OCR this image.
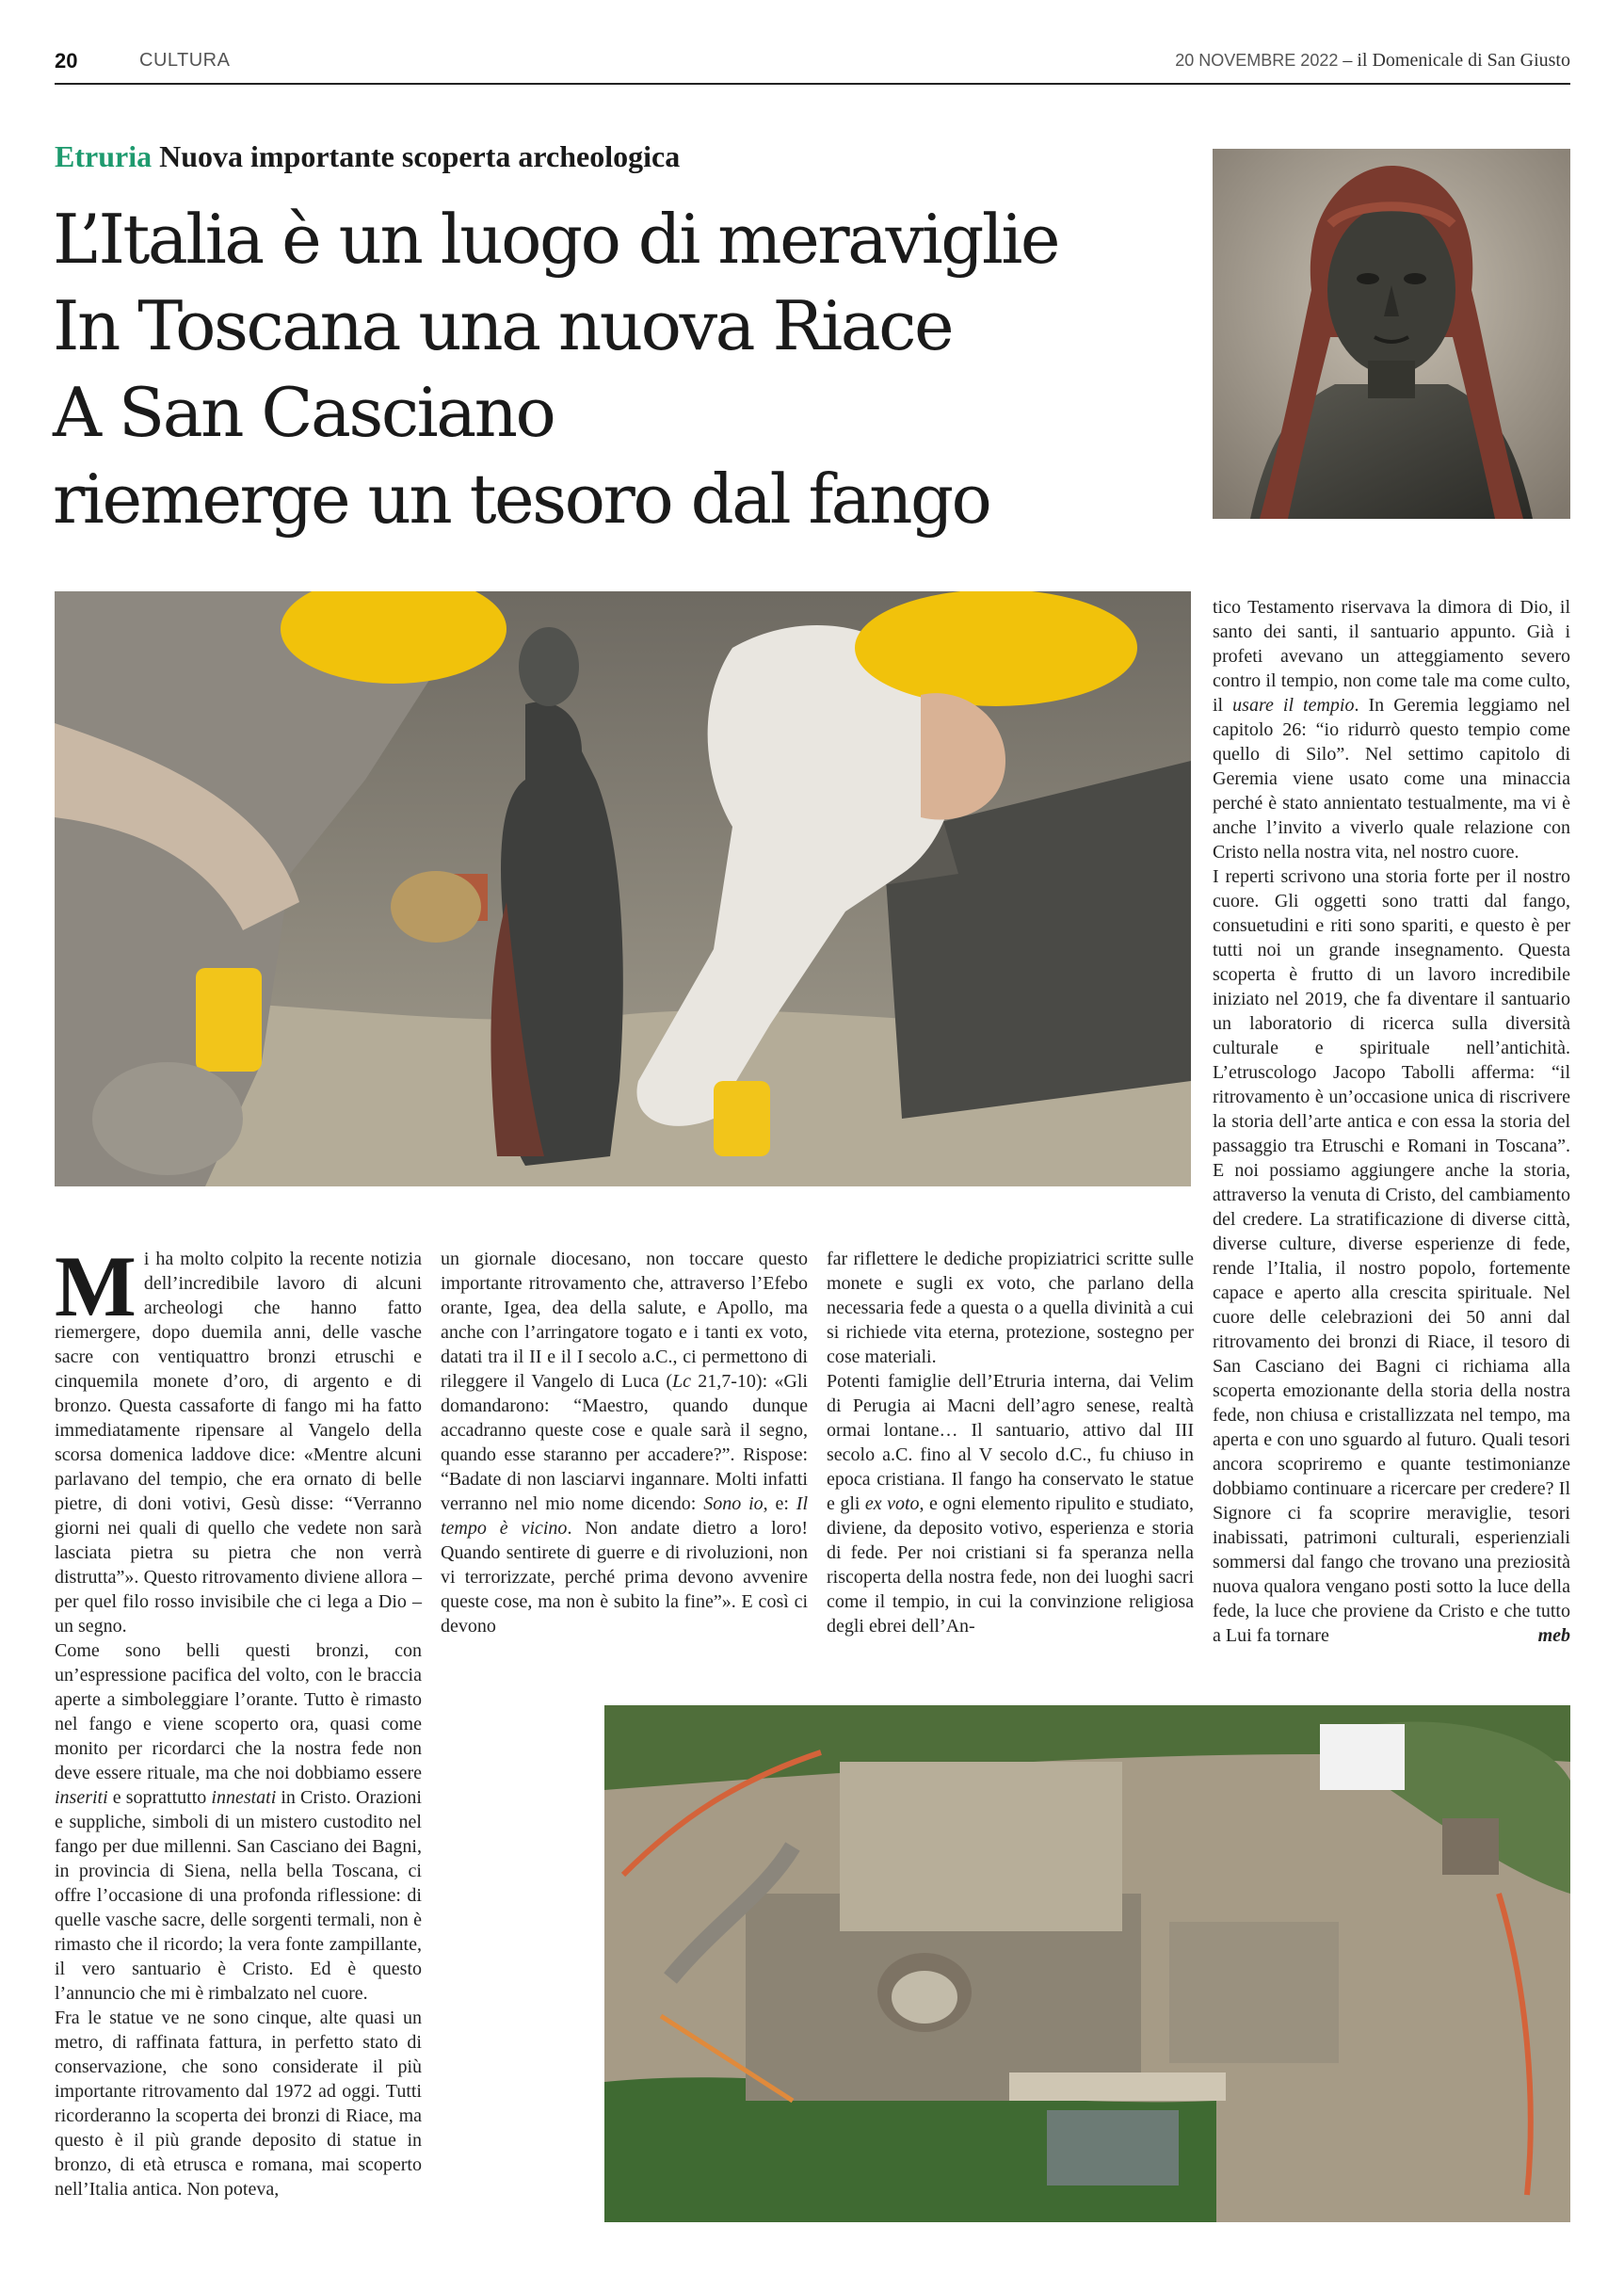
20	CULTURA	20 NOVEMBRE 2022 – il Domenicale di San Giusto
Etruria Nuova importante scoperta archeologica
L’Italia è un luogo di meraviglie
In Toscana una nuova Riace
A San Casciano
riemerge un tesoro dal fango

Mi ha molto colpito la recente notizia dell’incredibile lavoro di alcuni archeologi che hanno fatto riemergere, dopo duemila anni, delle vasche sacre con ventiquattro bronzi etruschi e cinquemila monete d’oro, di argento e di bronzo. Questa cassaforte di fango mi ha fatto immediatamente ripensare al Vangelo della scorsa domenica laddove dice: «Mentre alcuni parlavano del tempio, che era ornato di belle pietre, di doni votivi, Gesù disse: “Verranno giorni nei quali di quello che vedete non sarà lasciata pietra su pietra che non verrà distrutta”». Questo ritrovamento diviene allora – per quel filo rosso invisibile che ci lega a Dio – un segno.

Come sono belli questi bronzi, con un’espressione pacifica del volto, con le braccia aperte a simboleggiare l’orante. Tutto è rimasto nel fango e viene scoperto ora, quasi come monito per ricordarci che la nostra fede non deve essere rituale, ma che noi dobbiamo essere inseriti e soprattutto innestati in Cristo. Orazioni e suppliche, simboli di un mistero custodito nel fango per due millenni. San Casciano dei Bagni, in provincia di Siena, nella bella Toscana, ci offre l’occasione di una profonda riflessione: di quelle vasche sacre, delle sorgenti termali, non è rimasto che il ricordo; la vera fonte zampillante, il vero santuario è Cristo. Ed è questo l’annuncio che mi è rimbalzato nel cuore.

Fra le statue ve ne sono cinque, alte quasi un metro, di raffinata fattura, in perfetto stato di conservazione, che sono considerate il più importante ritrovamento dal 1972 ad oggi. Tutti ricorderanno la scoperta dei bronzi di Riace, ma questo è il più grande deposito di statue in bronzo, di età etrusca e romana, mai scoperto nell’Italia antica. Non poteva,

un giornale diocesano, non toccare questo importante ritrovamento che, attraverso l’Efebo orante, Igea, dea della salute, e Apollo, ma anche con l’arringatore togato e i tanti ex voto, datati tra il II e il I secolo a.C., ci permettono di rileggere il Vangelo di Luca (Lc 21,7-10): «Gli domandarono: “Maestro, quando dunque accadranno queste cose e quale sarà il segno, quando esse staranno per accadere?”. Rispose: “Badate di non lasciarvi ingannare. Molti infatti verranno nel mio nome dicendo: Sono io, e: Il tempo è vicino. Non andate dietro a loro! Quando sentirete di guerre e di rivoluzioni, non vi terrorizzate, perché prima devono avvenire queste cose, ma non è subito la fine”». E così ci devono

far riflettere le dediche propiziatrici scritte sulle monete e sugli ex voto, che parlano della necessaria fede a questa o a quella divinità a cui si richiede vita eterna, protezione, sostegno per cose materiali.

Potenti famiglie dell’Etruria interna, dai Velim di Perugia ai Macni dell’agro senese, realtà ormai lontane… Il santuario, attivo dal III secolo a.C. fino al V secolo d.C., fu chiuso in epoca cristiana. Il fango ha conservato le statue e gli ex voto, e ogni elemento ripulito e studiato, diviene, da deposito votivo, esperienza e storia di fede. Per noi cristiani si fa speranza nella riscoperta della nostra fede, non dei luoghi sacri come il tempio, in cui la convinzione religiosa degli ebrei dell’An-

tico Testamento riservava la dimora di Dio, il santo dei santi, il santuario appunto. Già i profeti avevano un atteggiamento severo contro il tempio, non come tale ma come culto, il usare il tempio. In Geremia leggiamo nel capitolo 26: “io ridurrò questo tempio come quello di Silo”. Nel settimo capitolo di Geremia viene usato come una minaccia perché è stato annientato testualmente, ma vi è anche l’invito a viverlo quale relazione con Cristo nella nostra vita, nel nostro cuore.

I reperti scrivono una storia forte per il nostro cuore. Gli oggetti sono tratti dal fango, consuetudini e riti sono spariti, e questo è per tutti noi un grande insegnamento. Questa scoperta è frutto di un lavoro incredibile iniziato nel 2019, che fa diventare il santuario un laboratorio di ricerca sulla diversità culturale e spirituale nell’antichità. L’etruscologo Jacopo Tabolli afferma: “il ritrovamento è un’occasione unica di riscrivere la storia dell’arte antica e con essa la storia del passaggio tra Etruschi e Romani in Toscana”. E noi possiamo aggiungere anche la storia, attraverso la venuta di Cristo, del cambiamento del credere. La stratificazione di diverse città, diverse culture, diverse esperienze di fede, rende l’Italia, il nostro popolo, fortemente capace e aperto alla crescita spirituale. Nel cuore delle celebrazioni dei 50 anni dal ritrovamento dei bronzi di Riace, il tesoro di San Casciano dei Bagni ci richiama alla scoperta emozionante della storia della nostra fede, non chiusa e cristallizzata nel tempo, ma aperta e con uno sguardo al futuro. Quali tesori ancora scopriremo e quante testimonianze dobbiamo continuare a ricercare per credere? Il Signore ci fa scoprire meraviglie, tesori inabissati, patrimoni culturali, esperienziali sommersi dal fango che trovano una preziosità nuova qualora vengano posti sotto la luce della fede, la luce che proviene da Cristo e che tutto a Lui fa tornare	meb
